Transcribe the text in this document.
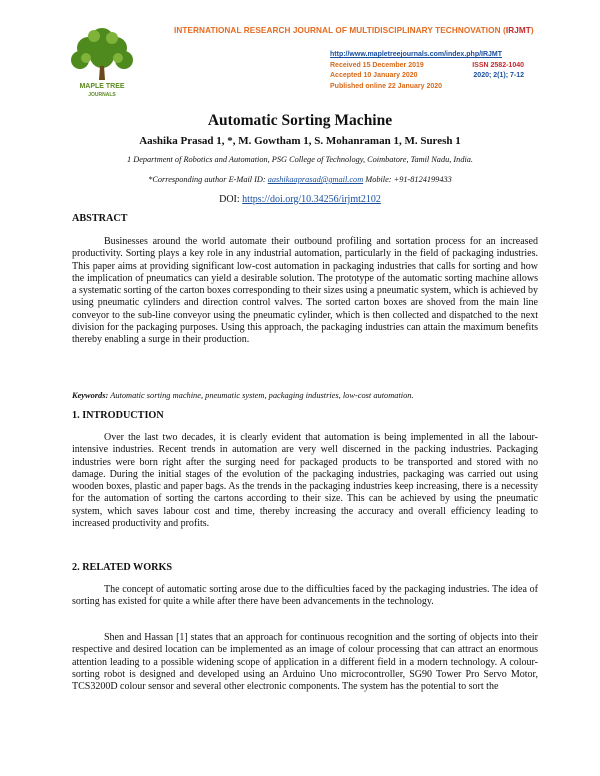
MAPLE TREE
JOURNALS
INTERNATIONAL RESEARCH JOURNAL OF MULTIDISCIPLINARY TECHNOVATION (IRJMT)
http://www.mapletreejournals.com/index.php/IRJMT
Received 15 December 2019	ISSN 2582-1040
Accepted 10 January 2020	2020; 2(1); 7-12
Published online 22 January 2020
Automatic Sorting Machine
Aashika Prasad 1, *, M. Gowtham 1, S. Mohanraman 1, M. Suresh 1
1 Department of Robotics and Automation, PSG College of Technology, Coimbatore, Tamil Nadu, India.
*Corresponding author E-Mail ID: aashikaaprasad@gmail.com Mobile: +91-8124199433
DOI: https://doi.org/10.34256/irjmt2102
ABSTRACT

Businesses around the world automate their outbound profiling and sortation process for an increased productivity. Sorting plays a key role in any industrial automation, particularly in the field of packaging industries. This paper aims at providing significant low-cost automation in packaging industries that calls for sorting and how the implication of pneumatics can yield a desirable solution. The prototype of the automatic sorting machine allows a systematic sorting of the carton boxes corresponding to their sizes using a pneumatic system, which is achieved by using pneumatic cylinders and direction control valves. The sorted carton boxes are shoved from the main line conveyor to the sub-line conveyor using the pneumatic cylinder, which is then collected and dispatched to the next division for the packaging purposes. Using this approach, the packaging industries can attain the maximum benefits thereby enabling a surge in their production.

Keywords: Automatic sorting machine, pneumatic system, packaging industries, low-cost automation.
1. INTRODUCTION

Over the last two decades, it is clearly evident that automation is being implemented in all the labour-intensive industries. Recent trends in automation are very well discerned in the packing industries. Packaging industries were born right after the surging need for packaged products to be transported and stored with no damage. During the initial stages of the evolution of the packaging industries, packaging was carried out using wooden boxes, plastic and paper bags. As the trends in the packaging industries keep increasing, there is a necessity for the automation of sorting the cartons according to their size. This can be achieved by using the pneumatic system, which saves labour cost and time, thereby increasing the accuracy and overall efficiency leading to increased productivity and profits.

2. RELATED WORKS

The concept of automatic sorting arose due to the difficulties faced by the packaging industries. The idea of sorting has existed for quite a while after there have been advancements in the technology.

Shen and Hassan [1] states that an approach for continuous recognition and the sorting of objects into their respective and desired location can be implemented as an image of colour processing that can attract an enormous attention leading to a possible widening scope of application in a different field in a modern technology. A colour-sorting robot is designed and developed using an Arduino Uno microcontroller, SG90 Tower Pro Servo Motor, TCS3200D colour sensor and several other electronic components. The system has the potential to sort the
